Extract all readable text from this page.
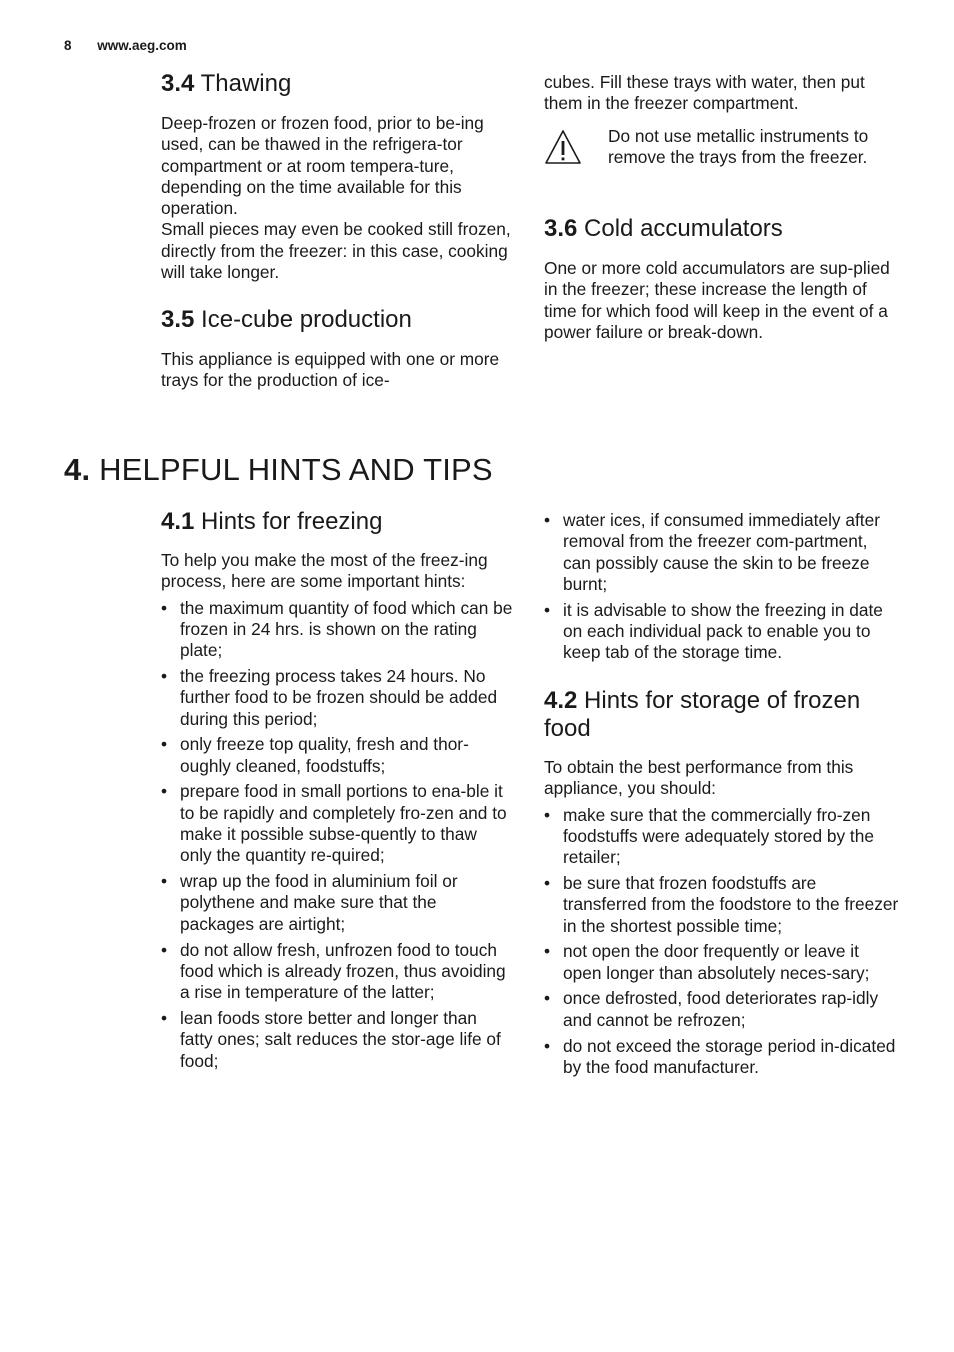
8 www.aeg.com
3.4 Thawing

Deep-frozen or frozen food, prior to be-ing used, can be thawed in the refrigera-tor compartment or at room tempera-ture, depending on the time available for this operation.

Small pieces may even be cooked still frozen, directly from the freezer: in this case, cooking will take longer.

3.5 Ice-cube production

This appliance is equipped with one or more trays for the production of ice-

cubes. Fill these trays with water, then put them in the freezer compartment.

Do not use metallic instruments to remove the trays from the freezer.

3.6 Cold accumulators

One or more cold accumulators are sup-plied in the freezer; these increase the length of time for which food will keep in the event of a power failure or break-down.

4. HELPFUL HINTS AND TIPS
4.1 Hints for freezing

To help you make the most of the freez-ing process, here are some important hints:

• the maximum quantity of food which can be frozen in 24 hrs. is shown on the rating plate;
• the freezing process takes 24 hours. No further food to be frozen should be added during this period;
• only freeze top quality, fresh and thor-oughly cleaned, foodstuffs;
• prepare food in small portions to ena-ble it to be rapidly and completely fro-zen and to make it possible subse-quently to thaw only the quantity re-quired;
• wrap up the food in aluminium foil or polythene and make sure that the packages are airtight;
• do not allow fresh, unfrozen food to touch food which is already frozen, thus avoiding a rise in temperature of the latter;
• lean foods store better and longer than fatty ones; salt reduces the stor-age life of food;
• water ices, if consumed immediately after removal from the freezer com-partment, can possibly cause the skin to be freeze burnt;
• it is advisable to show the freezing in date on each individual pack to enable you to keep tab of the storage time.
4.2 Hints for storage of frozen food

To obtain the best performance from this appliance, you should:

• make sure that the commercially fro-zen foodstuffs were adequately stored by the retailer;
• be sure that frozen foodstuffs are transferred from the foodstore to the freezer in the shortest possible time;
• not open the door frequently or leave it open longer than absolutely neces-sary;
• once defrosted, food deteriorates rap-idly and cannot be refrozen;
• do not exceed the storage period in-dicated by the food manufacturer.
